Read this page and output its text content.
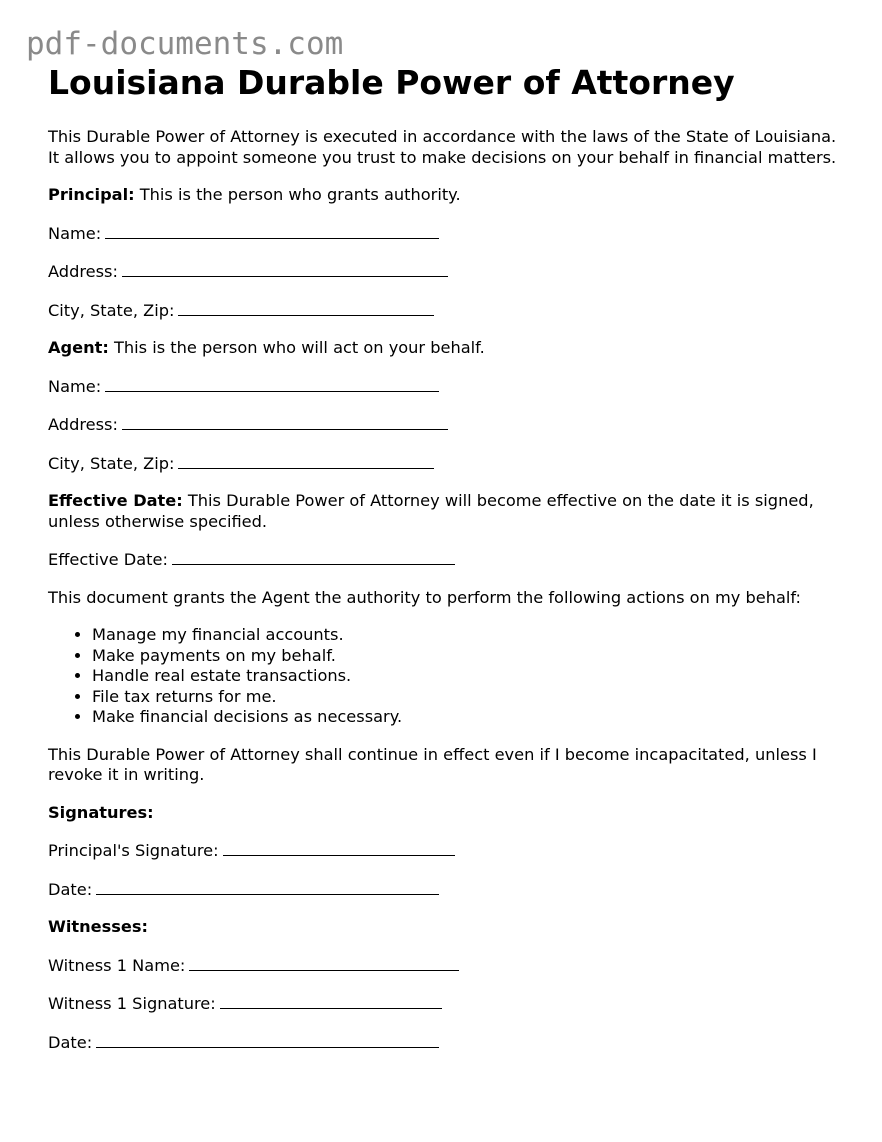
pdf-documents.com
Louisiana Durable Power of Attorney

This Durable Power of Attorney is executed in accordance with the laws of the State of Louisiana. It allows you to appoint someone you trust to make decisions on your behalf in financial matters.

Principal: This is the person who grants authority.

Name:

Address:

City, State, Zip:

Agent: This is the person who will act on your behalf.

Name:

Address:

City, State, Zip:

Effective Date: This Durable Power of Attorney will become effective on the date it is signed, unless otherwise specified.

Effective Date:

This document grants the Agent the authority to perform the following actions on my behalf:

• Manage my financial accounts.
• Make payments on my behalf.
• Handle real estate transactions.
• File tax returns for me.
• Make financial decisions as necessary.

This Durable Power of Attorney shall continue in effect even if I become incapacitated, unless I revoke it in writing.

Signatures:

Principal's Signature:

Date:

Witnesses:

Witness 1 Name:

Witness 1 Signature:

Date:
